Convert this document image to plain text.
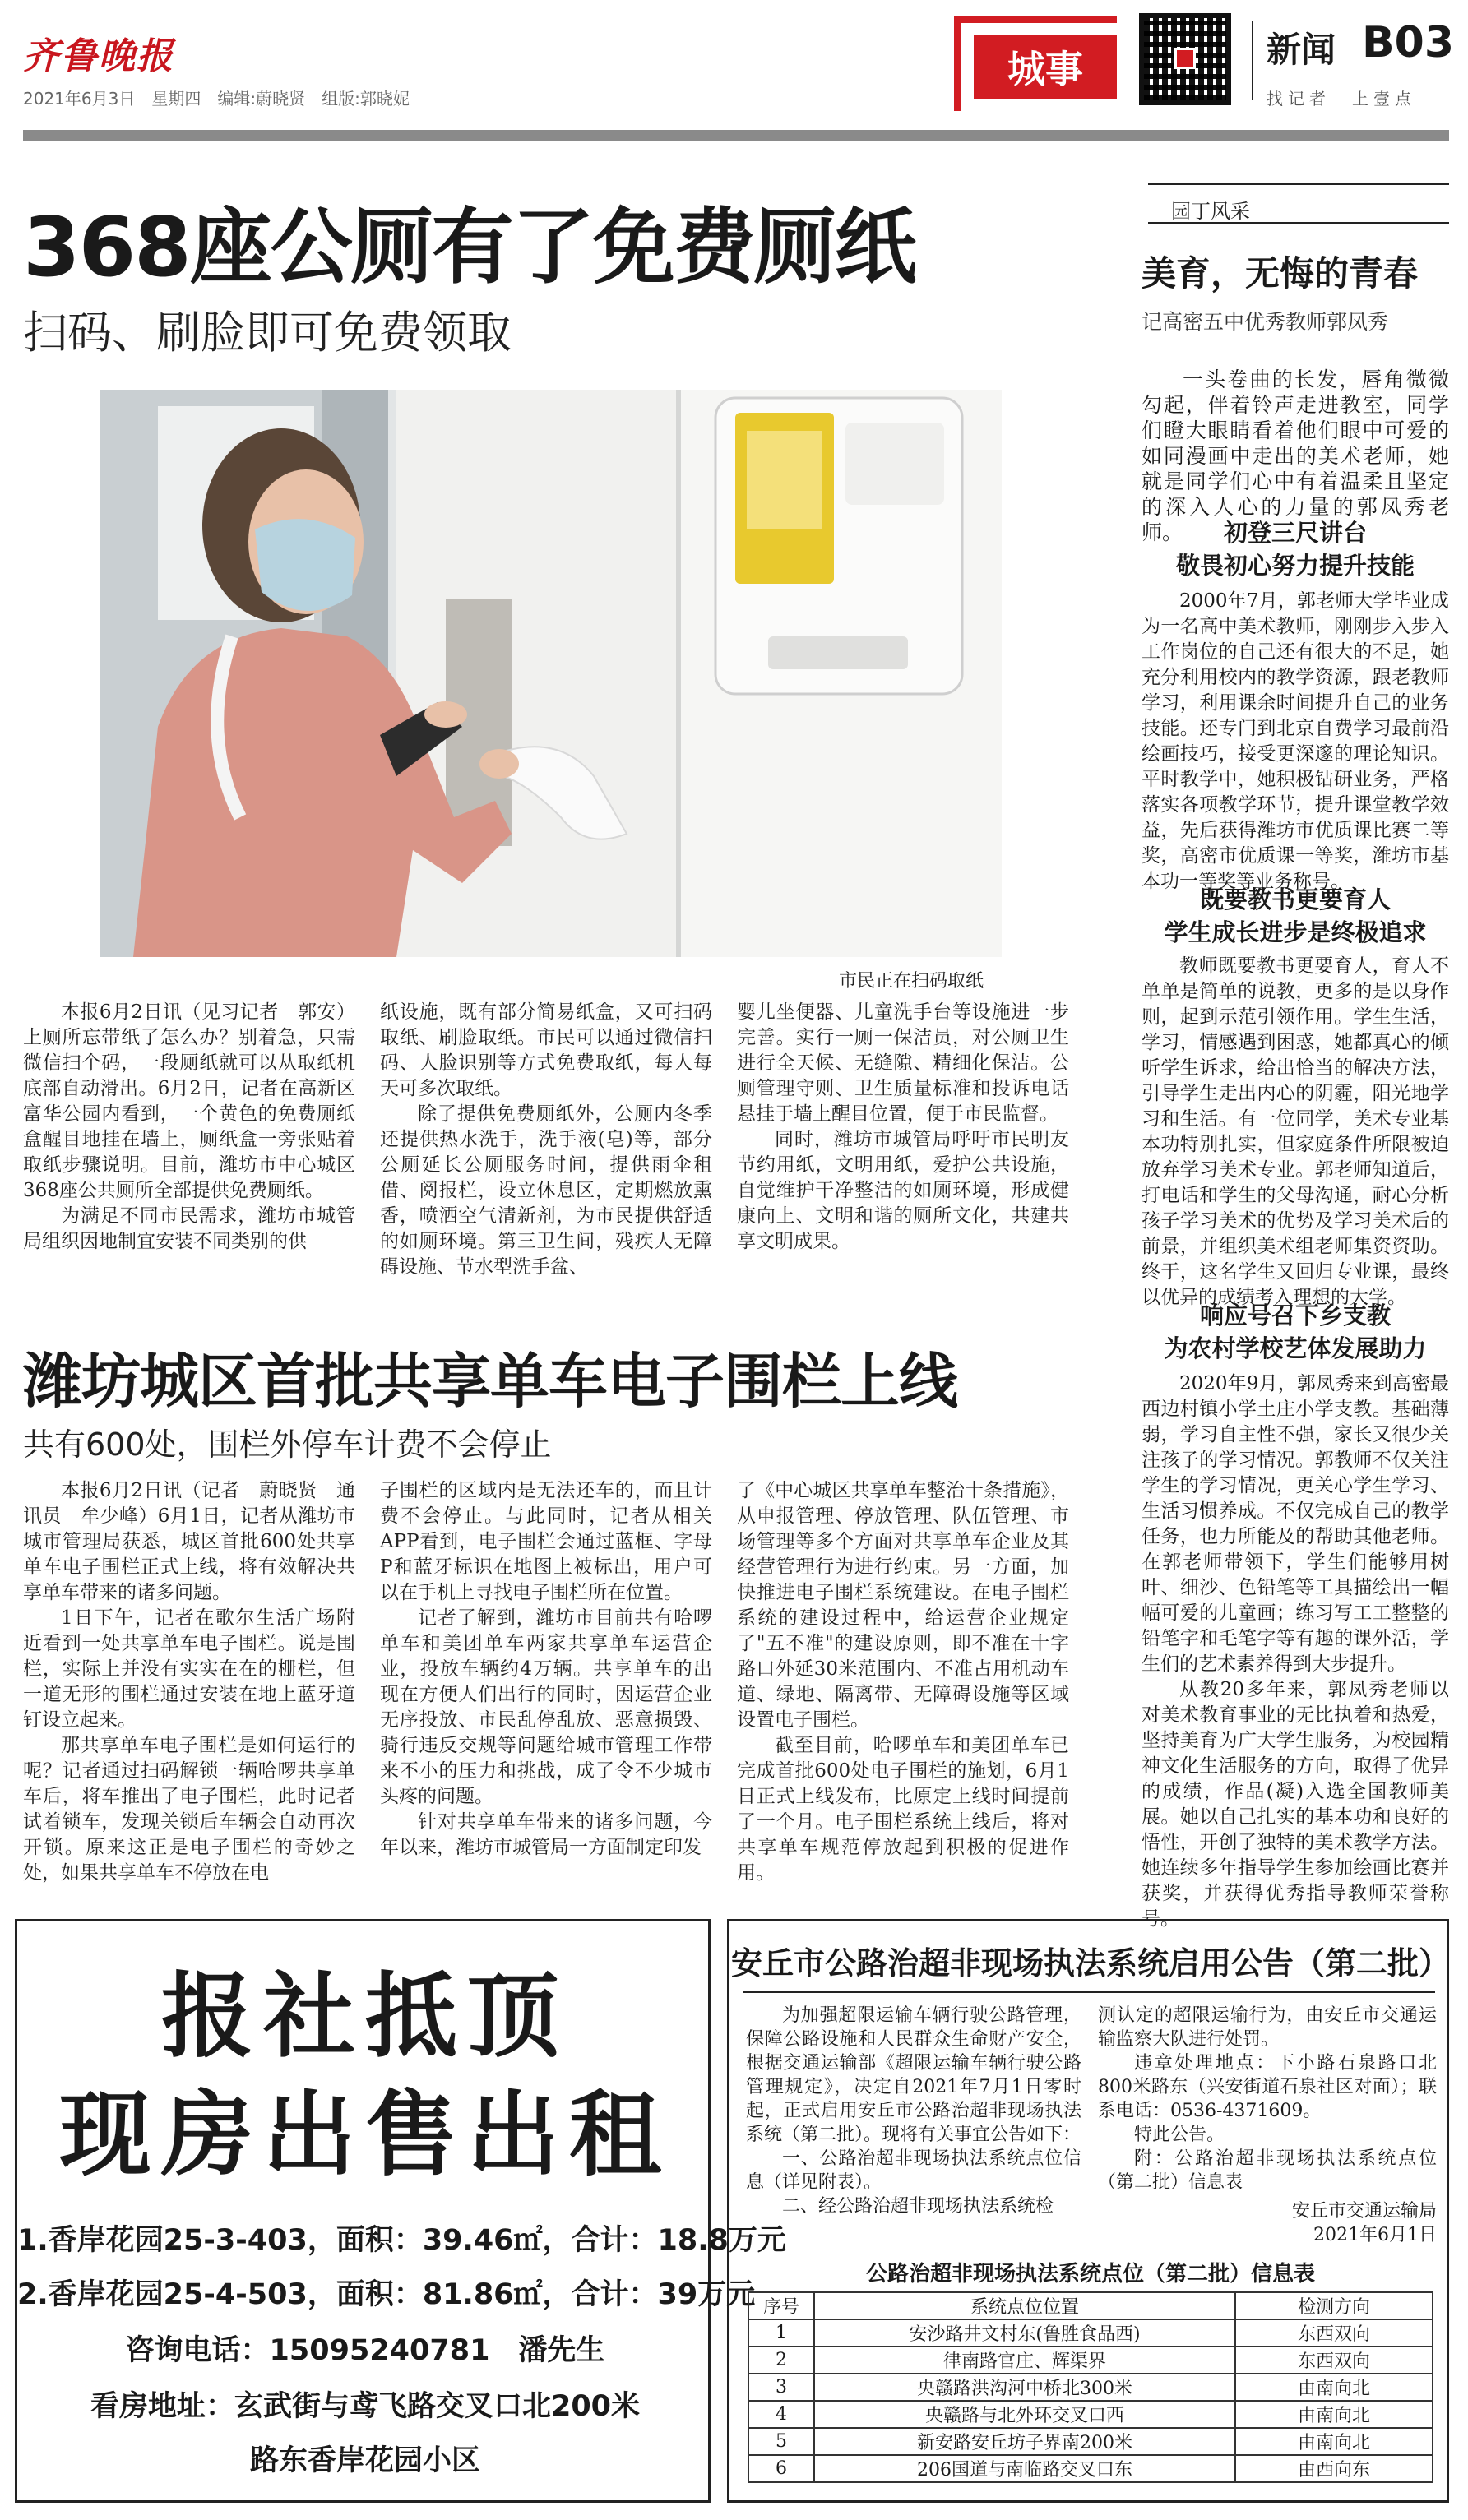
齐鲁晚报
2021年6月3日　星期四　编辑:蔚晓贤　组版:郭晓妮
城事	新闻 B03
找记者　上壹点
368座公厕有了免费厕纸
扫码、刷脸即可免费领取
市民正在扫码取纸

本报6月2日讯（见习记者　郭安）上厕所忘带纸了怎么办？别着急，只需微信扫个码，一段厕纸就可以从取纸机底部自动滑出。6月2日，记者在高新区富华公园内看到，一个黄色的免费厕纸盒醒目地挂在墙上，厕纸盒一旁张贴着取纸步骤说明。目前，潍坊市中心城区368座公共厕所全部提供免费厕纸。

为满足不同市民需求，潍坊市城管局组织因地制宜安装不同类别的供

纸设施，既有部分简易纸盒，又可扫码取纸、刷脸取纸。市民可以通过微信扫码、人脸识别等方式免费取纸，每人每天可多次取纸。

除了提供免费厕纸外，公厕内冬季还提供热水洗手，洗手液(皂)等，部分公厕延长公厕服务时间，提供雨伞租借、阅报栏，设立休息区，定期燃放熏香，喷洒空气清新剂，为市民提供舒适的如厕环境。第三卫生间，残疾人无障碍设施、节水型洗手盆、

婴儿坐便器、儿童洗手台等设施进一步完善。实行一厕一保洁员，对公厕卫生进行全天候、无缝隙、精细化保洁。公厕管理守则、卫生质量标准和投诉电话悬挂于墙上醒目位置，便于市民监督。

同时，潍坊市城管局呼吁市民明友节约用纸，文明用纸，爱护公共设施，自觉维护干净整洁的如厕环境，形成健康向上、文明和谐的厕所文化，共建共享文明成果。

园丁风采
美育，无悔的青春
记高密五中优秀教师郭凤秀
一头卷曲的长发，唇角微微勾起，伴着铃声走进教室，同学们瞪大眼睛看着他们眼中可爱的如同漫画中走出的美术老师，她就是同学们心中有着温柔且坚定的深入人心的力量的郭凤秀老师。	初登三尺讲台
敬畏初心努力提升技能

2000年7月，郭老师大学毕业成为一名高中美术教师，刚刚步入步入工作岗位的自己还有很大的不足，她充分利用校内的教学资源，跟老教师学习，利用课余时间提升自己的业务技能。还专门到北京自费学习最前沿绘画技巧，接受更深邃的理论知识。平时教学中，她积极钻研业务，严格落实各项教学环节，提升课堂教学效益，先后获得潍坊市优质课比赛二等奖，高密市优质课一等奖，潍坊市基本功一等奖等业务称号。

既要教书更要育人
学生成长进步是终极追求

教师既要教书更要育人，育人不单单是简单的说教，更多的是以身作则，起到示范引领作用。学生生活，学习，情感遇到困惑，她都真心的倾听学生诉求，给出恰当的解决方法，引导学生走出内心的阴霾，阳光地学习和生活。有一位同学，美术专业基本功特别扎实，但家庭条件所限被迫放弃学习美术专业。郭老师知道后，打电话和学生的父母沟通，耐心分析孩子学习美术的优势及学习美术后的前景，并组织美术组老师集资资助。终于，这名学生又回归专业课，最终以优异的成绩考入理想的大学。

响应号召下乡支教
为农村学校艺体发展助力

2020年9月，郭凤秀来到高密最西边村镇小学土庄小学支教。基础薄弱，学习自主性不强，家长又很少关注孩子的学习情况。郭教师不仅关注学生的学习情况，更关心学生学习、生活习惯养成。不仅完成自己的教学任务，也力所能及的帮助其他老师。在郭老师带领下，学生们能够用树叶、细沙、色铅笔等工具描绘出一幅幅可爱的儿童画；练习写工工整整的铅笔字和毛笔字等有趣的课外活，学生们的艺术素养得到大步提升。

从教20多年来，郭凤秀老师以对美术教育事业的无比执着和热爱，坚持美育为广大学生服务，为校园精神文化生活服务的方向，取得了优异的成绩，作品(凝)入选全国教师美展。她以自己扎实的基本功和良好的悟性，开创了独特的美术教学方法。她连续多年指导学生参加绘画比赛并获奖，并获得优秀指导教师荣誉称号。

潍坊城区首批共享单车电子围栏上线
共有600处，围栏外停车计费不会停止

本报6月2日讯（记者　蔚晓贤　通讯员　牟少峰）6月1日，记者从潍坊市城市管理局获悉，城区首批600处共享单车电子围栏正式上线，将有效解决共享单车带来的诸多问题。

1日下午，记者在歌尔生活广场附近看到一处共享单车电子围栏。说是围栏，实际上并没有实实在在的栅栏，但一道无形的围栏通过安装在地上蓝牙道钉设立起来。

那共享单车电子围栏是如何运行的呢？记者通过扫码解锁一辆哈啰共享单车后，将车推出了电子围栏，此时记者试着锁车，发现关锁后车辆会自动再次开锁。原来这正是电子围栏的奇妙之处，如果共享单车不停放在电

子围栏的区域内是无法还车的，而且计费不会停止。与此同时，记者从相关APP看到，电子围栏会通过蓝框、字母P和蓝牙标识在地图上被标出，用户可以在手机上寻找电子围栏所在位置。

记者了解到，潍坊市目前共有哈啰单车和美团单车两家共享单车运营企业，投放车辆约4万辆。共享单车的出现在方便人们出行的同时，因运营企业无序投放、市民乱停乱放、恶意损毁、骑行违反交规等问题给城市管理工作带来不小的压力和挑战，成了令不少城市头疼的问题。

针对共享单车带来的诸多问题，今年以来，潍坊市城管局一方面制定印发

了《中心城区共享单车整治十条措施》，从申报管理、停放管理、队伍管理、市场管理等多个方面对共享单车企业及其经营管理行为进行约束。另一方面，加快推进电子围栏系统建设。在电子围栏系统的建设过程中，给运营企业规定了"五不准"的建设原则，即不准在十字路口外延30米范围内、不准占用机动车道、绿地、隔离带、无障碍设施等区域设置电子围栏。

截至目前，哈啰单车和美团单车已完成首批600处电子围栏的施划，6月1日正式上线发布，比原定上线时间提前了一个月。电子围栏系统上线后，将对共享单车规范停放起到积极的促进作用。

报社抵顶
现房出售出租
1.香岸花园25-3-403，面积：39.46㎡，合计：18.8万元
2.香岸花园25-4-503，面积：81.86㎡，合计：39万元
咨询电话：15095240781　潘先生
看房地址：玄武街与鸢飞路交叉口北200米
路东香岸花园小区
安丘市公路治超非现场执法系统启用公告（第二批）

为加强超限运输车辆行驶公路管理，保障公路设施和人民群众生命财产安全，根据交通运输部《超限运输车辆行驶公路管理规定》，决定自2021年7月1日零时起，正式启用安丘市公路治超非现场执法系统（第二批）。现将有关事宜公告如下：

一、公路治超非现场执法系统点位信息（详见附表）。

二、经公路治超非现场执法系统检

测认定的超限运输行为，由安丘市交通运输监察大队进行处罚。

违章处理地点：下小路石泉路口北800米路东（兴安街道石泉社区对面）；联系电话：0536-4371609。

特此公告。

附：公路治超非现场执法系统点位（第二批）信息表

安丘市交通运输局
2021年6月1日
公路治超非现场执法系统点位（第二批）信息表
序号	系统点位位置	检测方向
1	安沙路井文村东(鲁胜食品西)	东西双向
2	律南路官庄、辉渠界	东西双向
3	央赣路洪沟河中桥北300米	由南向北
4	央赣路与北外环交叉口西	由南向北
5	新安路安丘坊子界南200米	由南向北
6	206国道与南临路交叉口东	由西向东
